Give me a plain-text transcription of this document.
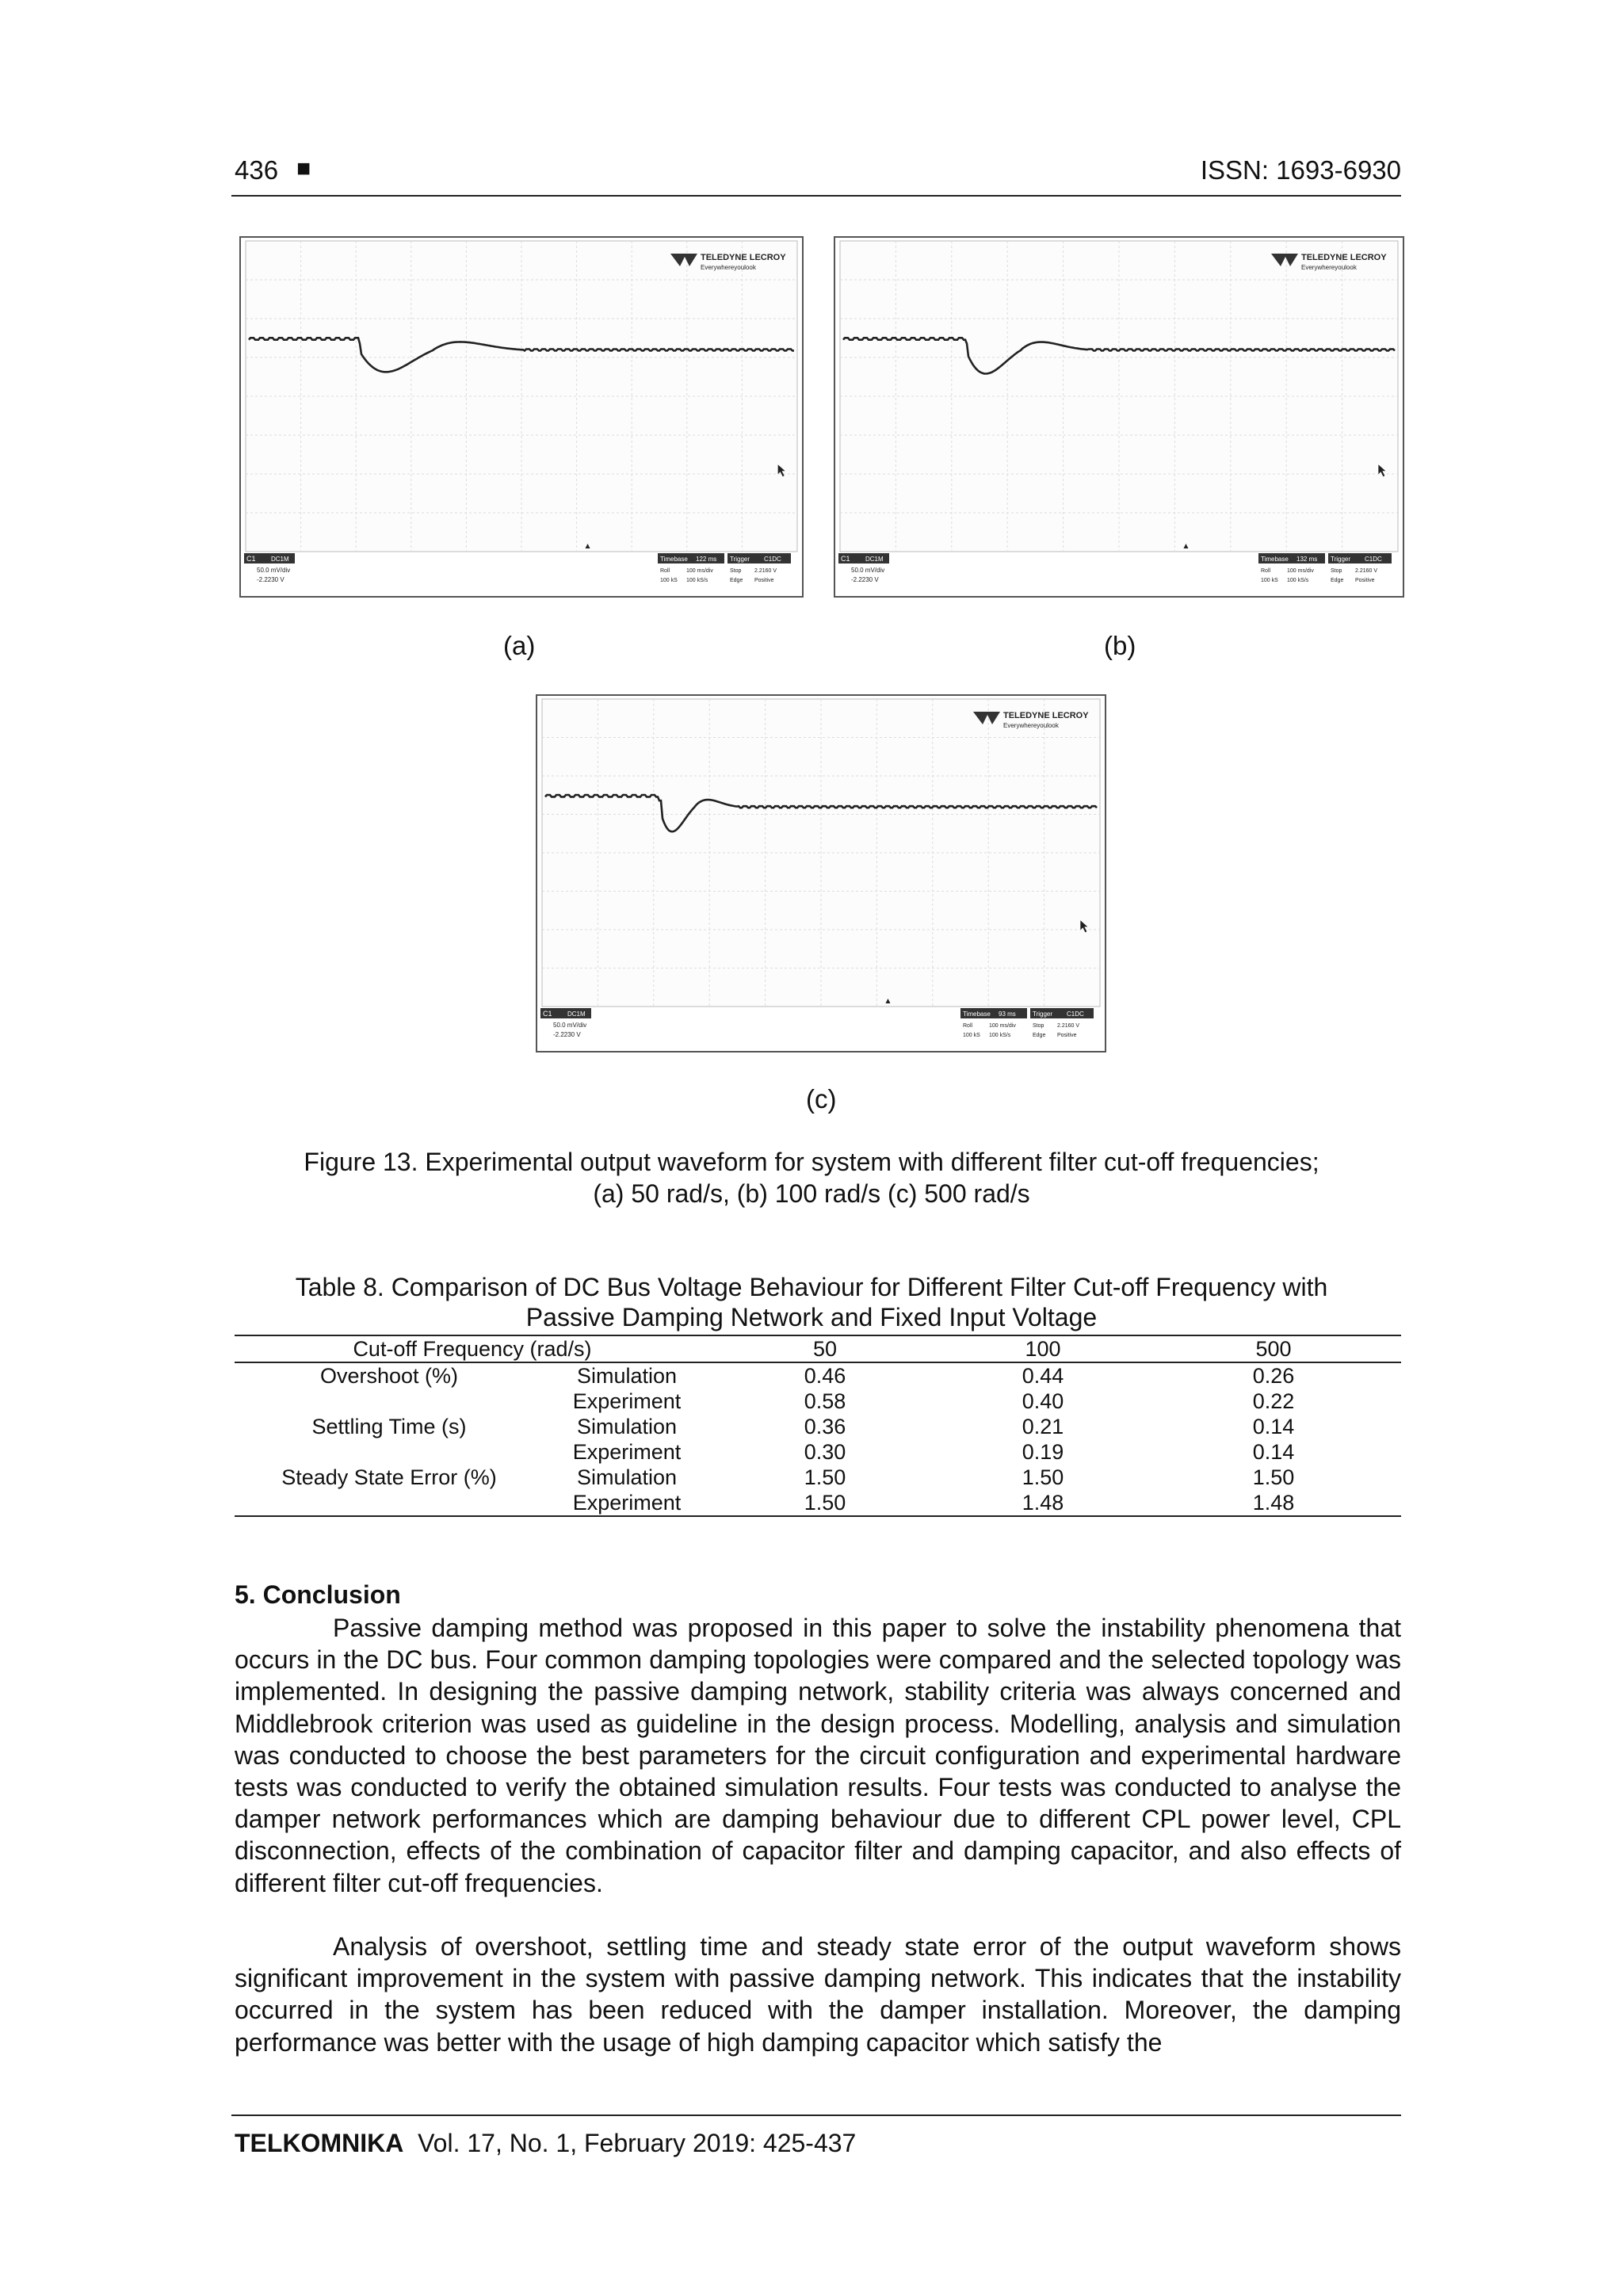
436 ■	ISSN: 1693-6930
TELEDYNE LECROY
Everywhereyoulook
C1 DC1M
50.0 mV/div
-2.2230 V
Timebase 122 ms Trigger C1DC
Roll	100 ms/div	Stop 2.2160 V
100 kS 100 kS/s	Edge Positive
(a)
TELEDYNE LECROY
Everywhereyoulook
C1 DC1M
50.0 mV/div
-2.2230 V
Timebase 132 ms Trigger C1DC
Roll	100 ms/div	Stop 2.2160 V
100 kS 100 kS/s	Edge Positive
(b)
TELEDYNE LECROY
Everywhereyoulook
C1 DC1M
50.0 mV/div
-2.2230 V
Timebase 93 ms	Trigger C1DC
Roll	100 ms/div	Stop 2.2160 V
100 kS 100 kS/s	Edge Positive
(c)
Figure 13. Experimental output waveform for system with different filter cut-off frequencies;
(a) 50 rad/s, (b) 100 rad/s (c) 500 rad/s
Table 8. Comparison of DC Bus Voltage Behaviour for Different Filter Cut-off Frequency with
Passive Damping Network and Fixed Input Voltage
Cut-off Frequency (rad/s)		50	100	500
Overshoot (%)	Simulation	0.46	0.44	0.26
	Experiment	0.58	0.40	0.22
Settling Time (s)	Simulation	0.36	0.21	0.14
	Experiment	0.30	0.19	0.14
Steady State Error (%)	Simulation	1.50	1.50	1.50
	Experiment	1.50	1.48	1.48
5. Conclusion

Passive damping method was proposed in this paper to solve the instability phenomena that occurs in the DC bus. Four common damping topologies were compared and the selected topology was implemented. In designing the passive damping network, stability criteria was always concerned and Middlebrook criterion was used as guideline in the design process. Modelling, analysis and simulation was conducted to choose the best parameters for the circuit configuration and experimental hardware tests was conducted to verify the obtained simulation results. Four tests was conducted to analyse the damper network performances which are damping behaviour due to different CPL power level, CPL disconnection, effects of the combination of capacitor filter and damping capacitor, and also effects of different filter cut-off frequencies.

Analysis of overshoot, settling time and steady state error of the output waveform shows significant improvement in the system with passive damping network. This indicates that the instability occurred in the system has been reduced with the damper installation. Moreover, the damping performance was better with the usage of high damping capacitor which satisfy the

TELKOMNIKA Vol. 17, No. 1, February 2019: 425-437
